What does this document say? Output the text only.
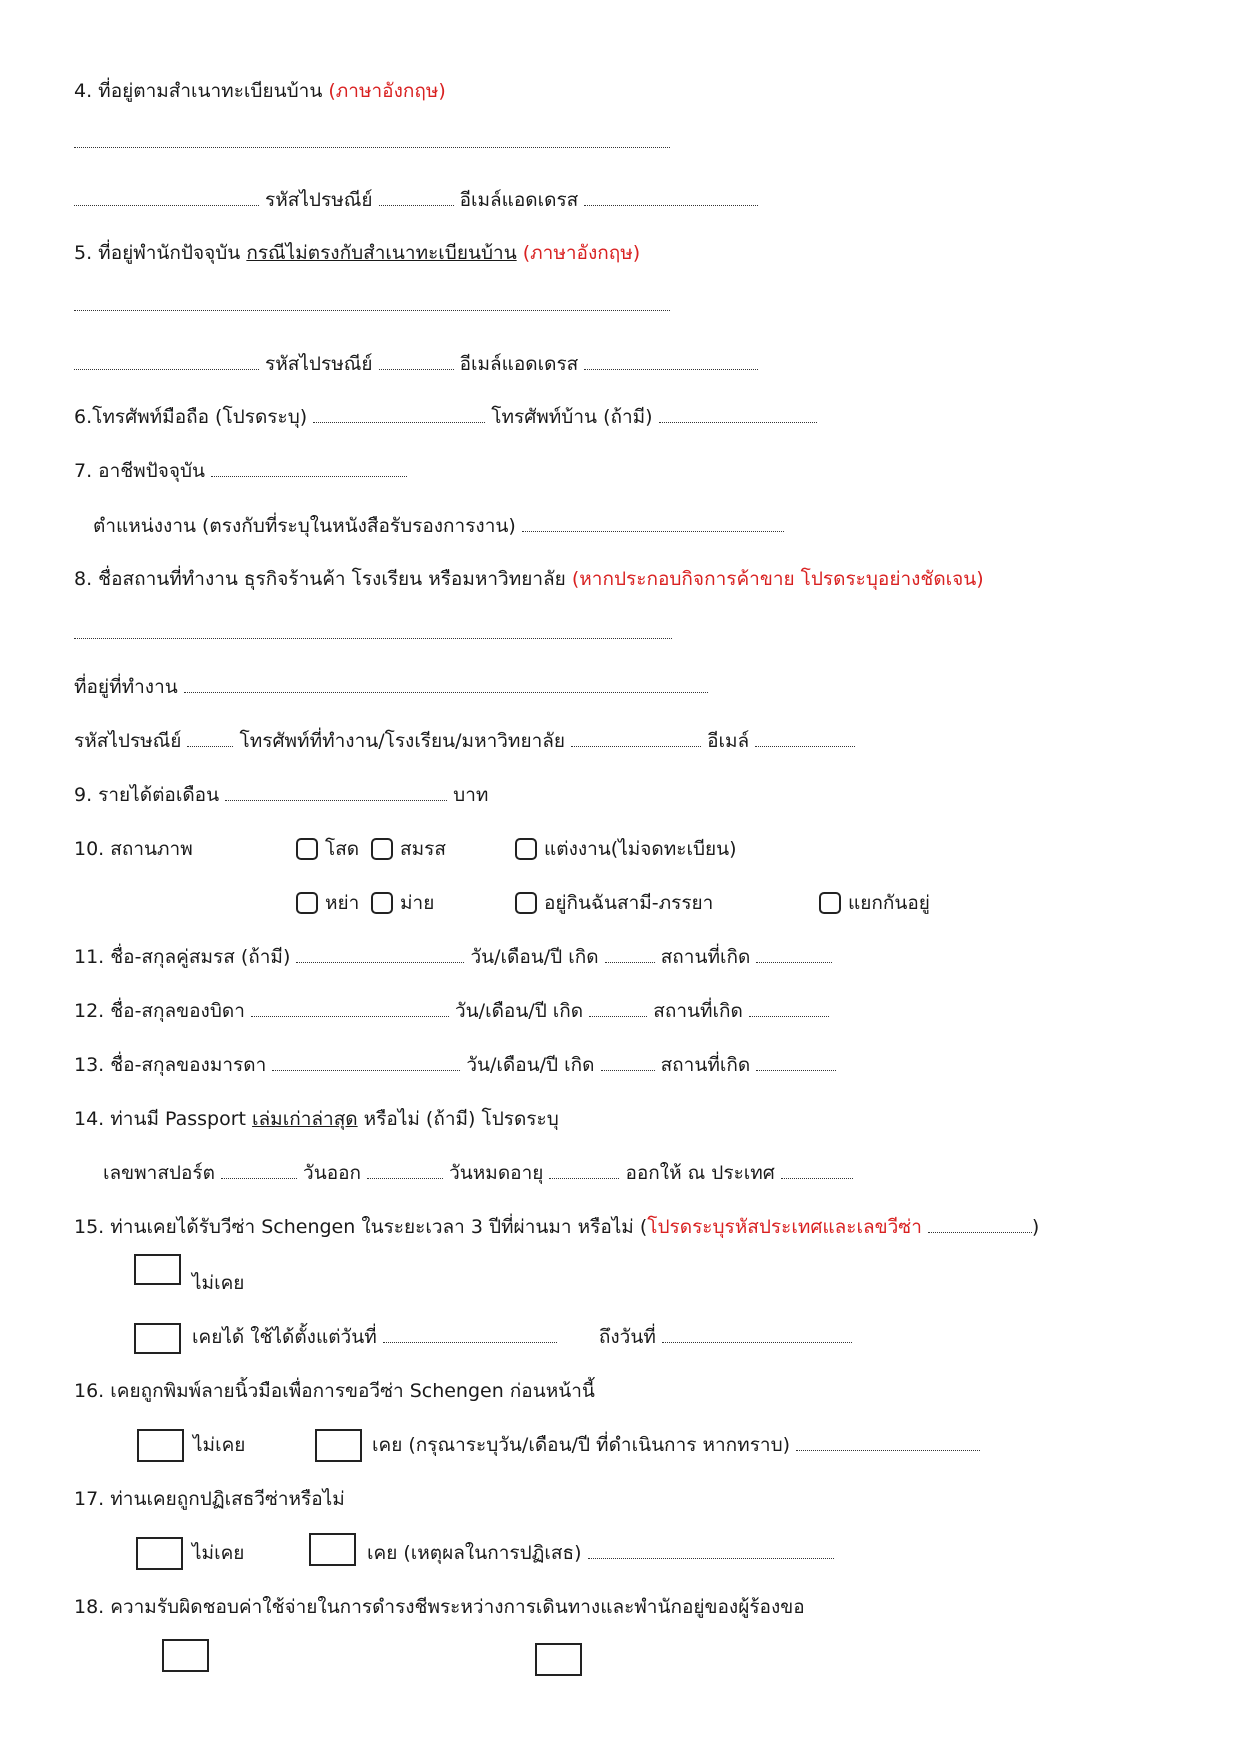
4. ที่อยู่ตามสำเนาทะเบียนบ้าน (ภาษาอังกฤษ)
รหัสไปรษณีย์	อีเมล์แอดเดรส
5. ที่อยู่พำนักปัจจุบัน กรณีไม่ตรงกับสำเนาทะเบียนบ้าน (ภาษาอังกฤษ)
รหัสไปรษณีย์	อีเมล์แอดเดรส
6.โทรศัพท์มือถือ (โปรดระบุ)	โทรศัพท์บ้าน (ถ้ามี)
7. อาชีพปัจจุบัน
ตำแหน่งงาน (ตรงกับที่ระบุในหนังสือรับรองการงาน)
8. ชื่อสถานที่ทำงาน ธุรกิจร้านค้า โรงเรียน หรือมหาวิทยาลัย (หากประกอบกิจการค้าขาย โปรดระบุอย่างชัดเจน)
ที่อยู่ที่ทำงาน
รหัสไปรษณีย์	โทรศัพท์ที่ทำงาน/โรงเรียน/มหาวิทยาลัย	อีเมล์
9. รายได้ต่อเดือน	บาท
10. สถานภาพ	โสด	สมรส	แต่งงาน(ไม่จดทะเบียน)
หย่า	ม่าย	อยู่กินฉันสามี-ภรรยา	แยกกันอยู่
11. ชื่อ-สกุลคู่สมรส (ถ้ามี)	วัน/เดือน/ปี เกิด	สถานที่เกิด
12. ชื่อ-สกุลของบิดา	วัน/เดือน/ปี เกิด	สถานที่เกิด
13. ชื่อ-สกุลของมารดา	วัน/เดือน/ปี เกิด	สถานที่เกิด
14. ท่านมี Passport เล่มเก่าล่าสุด หรือไม่ (ถ้ามี) โปรดระบุ
เลขพาสปอร์ต	วันออก	วันหมดอายุ	ออกให้ ณ ประเทศ
15. ท่านเคยได้รับวีซ่า Schengen ในระยะเวลา 3 ปีที่ผ่านมา หรือไม่ (โปรดระบุรหัสประเทศและเลขวีซ่า	)
ไม่เคย
เคยได้ ใช้ได้ตั้งแต่วันที่	ถึงวันที่
16. เคยถูกพิมพ์ลายนิ้วมือเพื่อการขอวีซ่า Schengen ก่อนหน้านี้
ไม่เคย	เคย (กรุณาระบุวัน/เดือน/ปี ที่ดำเนินการ หากทราบ)
17. ท่านเคยถูกปฏิเสธวีซ่าหรือไม่
ไม่เคย	เคย (เหตุผลในการปฏิเสธ)
18. ความรับผิดชอบค่าใช้จ่ายในการดำรงชีพระหว่างการเดินทางและพำนักอยู่ของผู้ร้องขอ
